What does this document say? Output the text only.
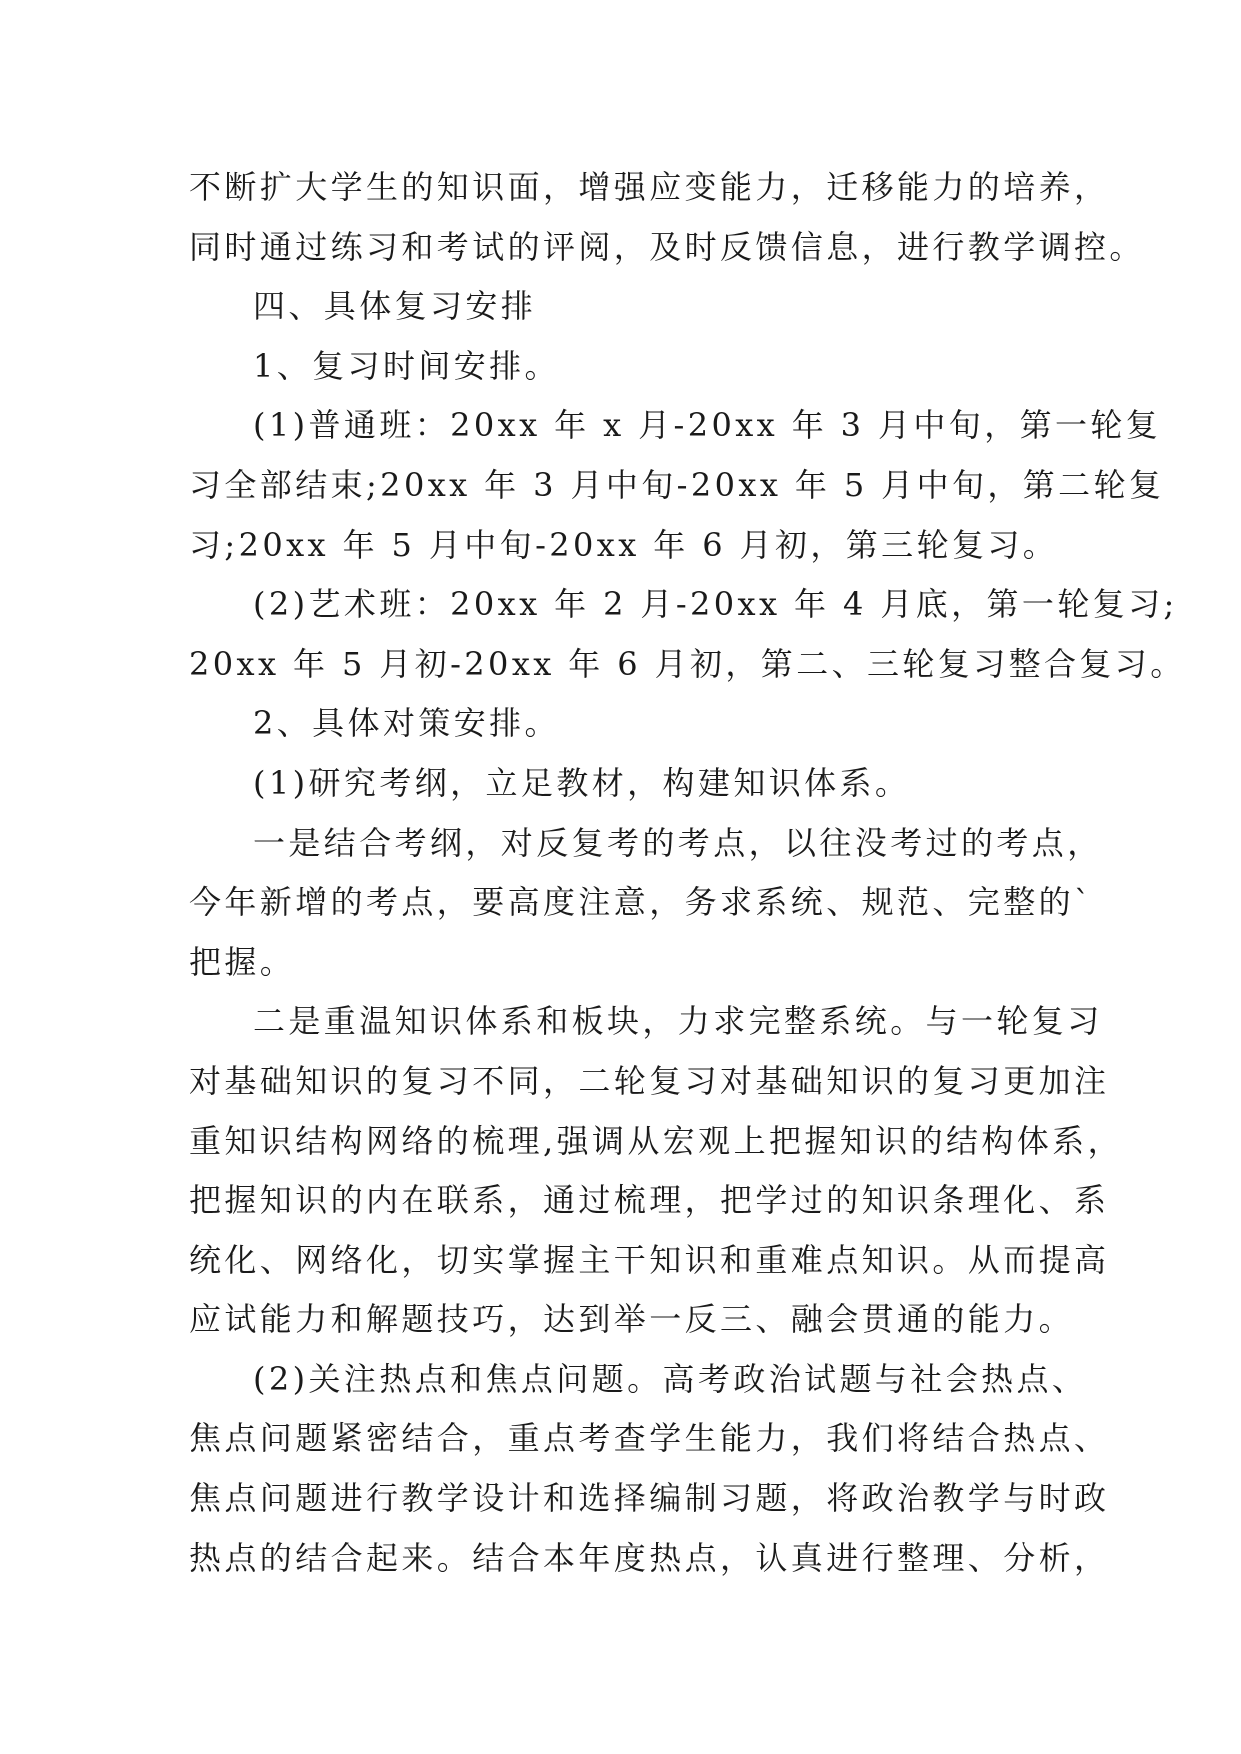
不断扩大学生的知识面，增强应变能力，迁移能力的培养，
同时通过练习和考试的评阅，及时反馈信息，进行教学调控。
四、具体复习安排
1、复习时间安排。
(1)普通班：20xx 年 x 月-20xx 年 3 月中旬，第一轮复
习全部结束;20xx 年 3 月中旬-20xx 年 5 月中旬，第二轮复
习;20xx 年 5 月中旬-20xx 年 6 月初，第三轮复习。
(2)艺术班：20xx 年 2 月-20xx 年 4 月底，第一轮复习;
20xx 年 5 月初-20xx 年 6 月初，第二、三轮复习整合复习。
2、具体对策安排。
(1)研究考纲，立足教材，构建知识体系。
一是结合考纲，对反复考的考点，以往没考过的考点，
今年新增的考点，要高度注意，务求系统、规范、完整的`
把握。
二是重温知识体系和板块，力求完整系统。与一轮复习
对基础知识的复习不同，二轮复习对基础知识的复习更加注
重知识结构网络的梳理,强调从宏观上把握知识的结构体系，
把握知识的内在联系，通过梳理，把学过的知识条理化、系
统化、网络化，切实掌握主干知识和重难点知识。从而提高
应试能力和解题技巧，达到举一反三、融会贯通的能力。
(2)关注热点和焦点问题。高考政治试题与社会热点、
焦点问题紧密结合，重点考查学生能力，我们将结合热点、
焦点问题进行教学设计和选择编制习题，将政治教学与时政
热点的结合起来。结合本年度热点，认真进行整理、分析，
